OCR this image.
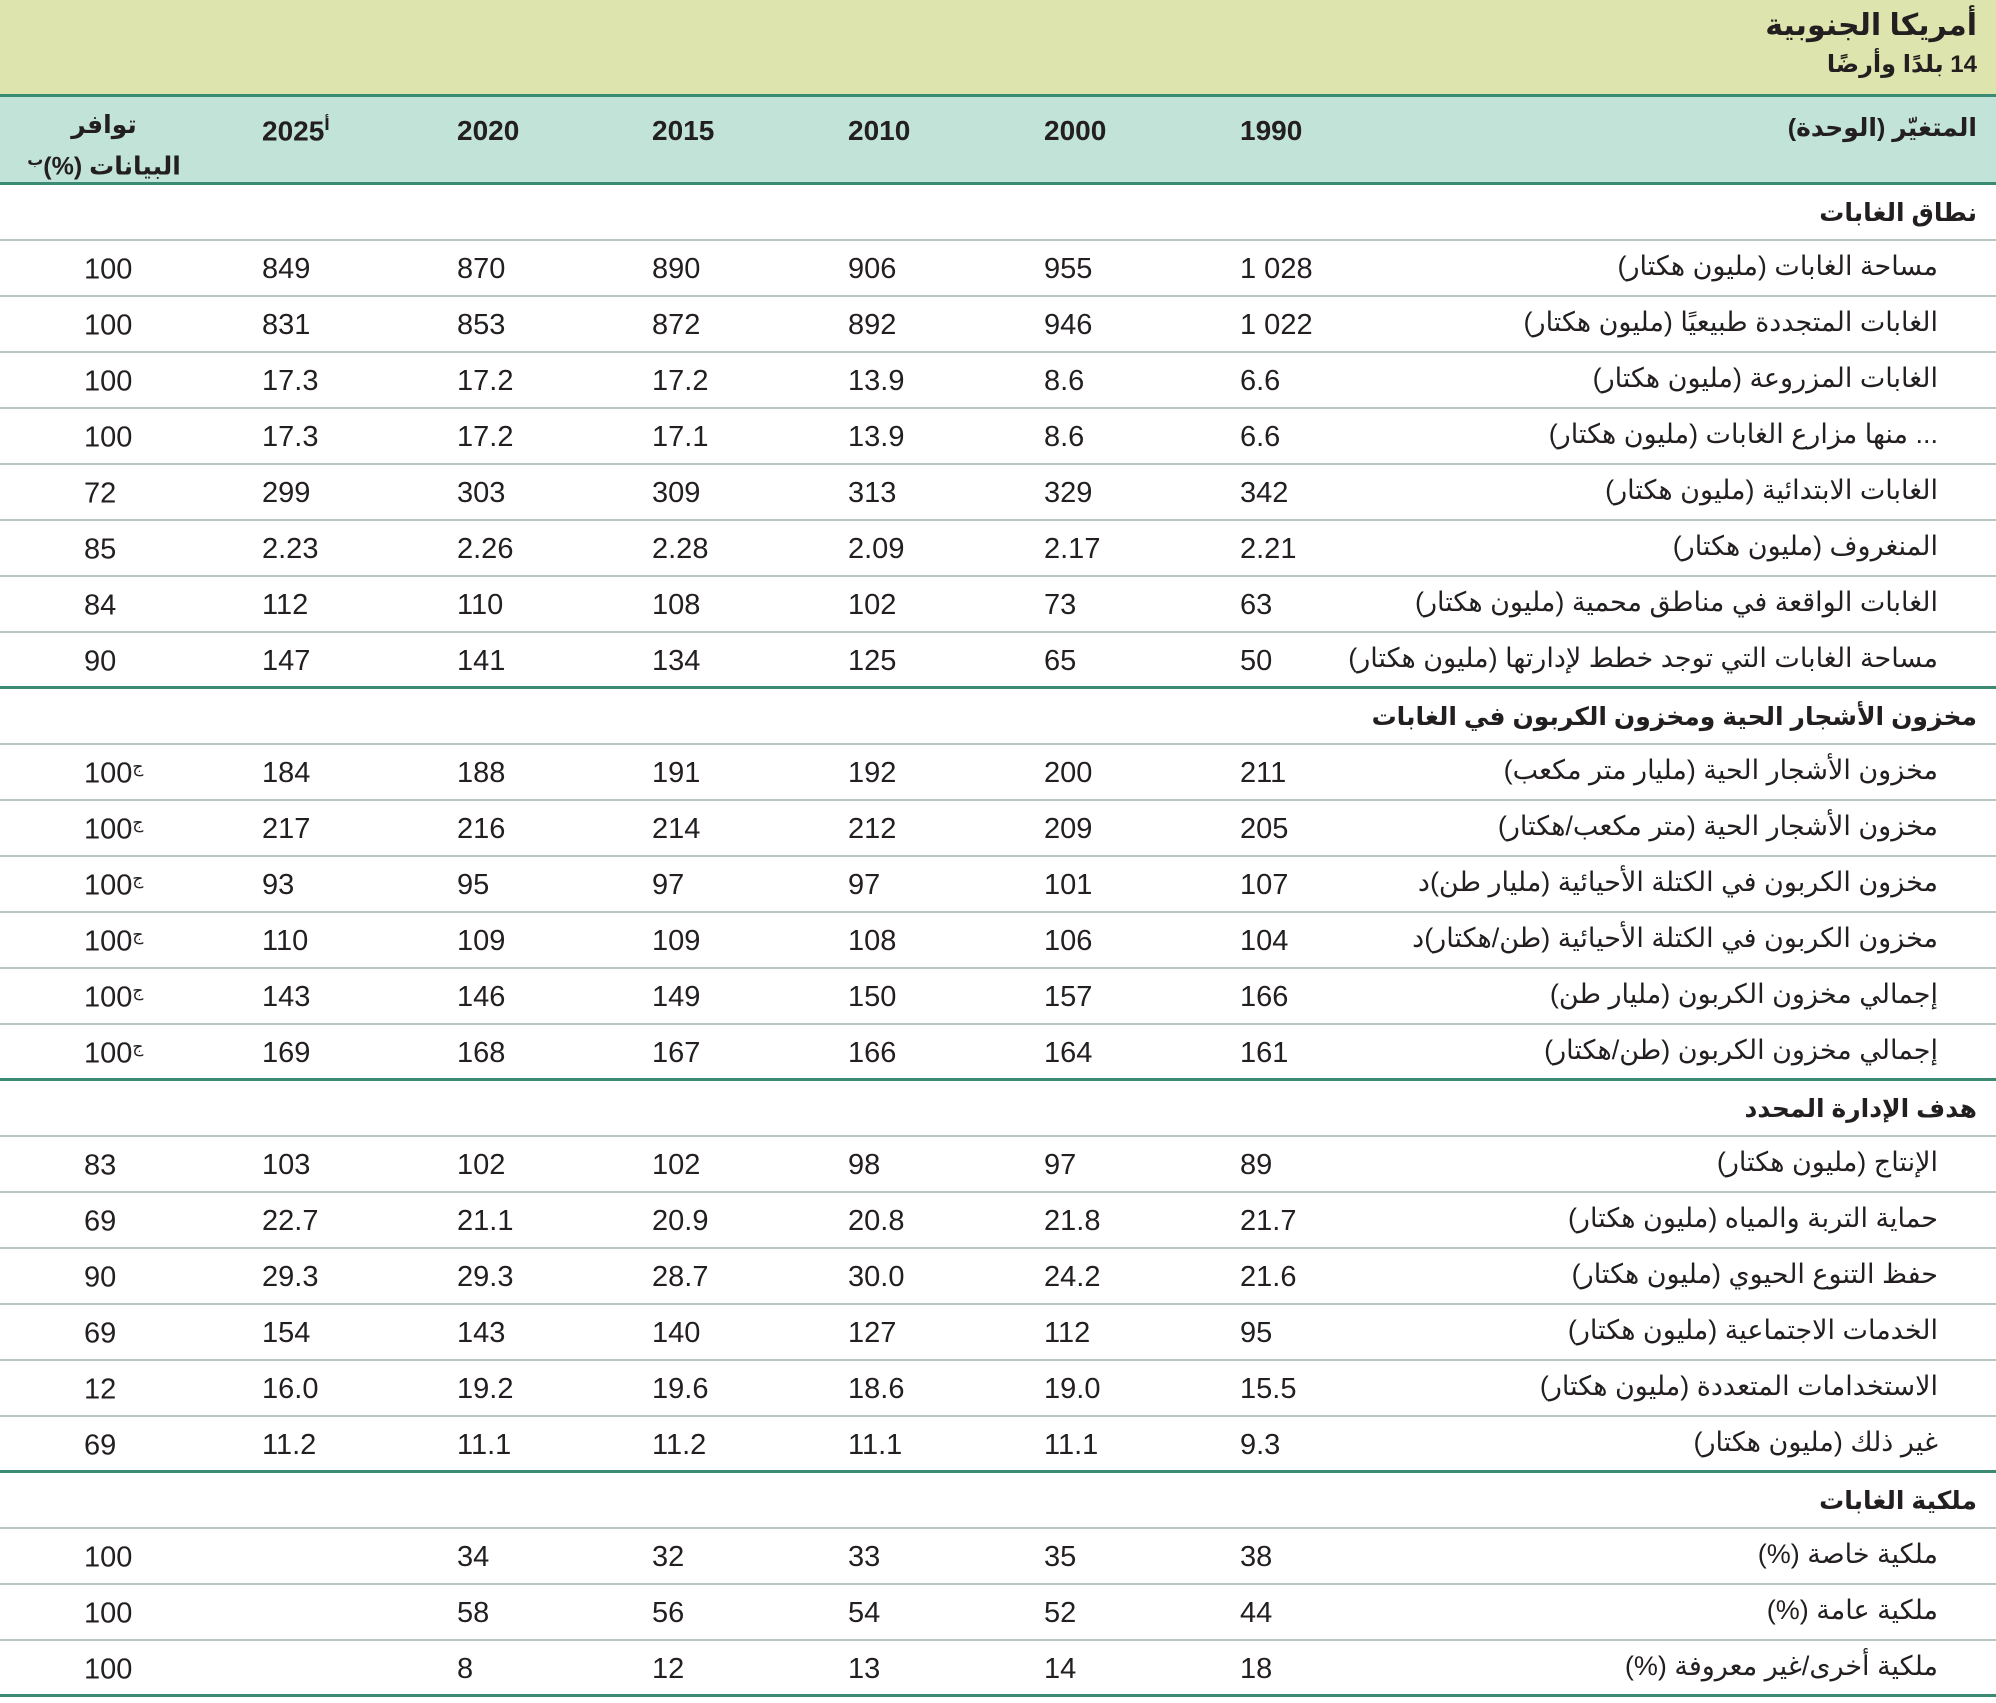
أمريكا الجنوبية
14 بلدًا وأرضًا
المتغيّر (الوحدة)
1990
2000
2010
2015
2020
$2025^أ$
توافر البيانات (%)$^ب$
نطاق الغابات
مساحة الغابات (مليون هكتار)
1 028
955
906
890
870
849
100
الغابات المتجددة طبيعيًا (مليون هكتار)
1 022
946
892
872
853
831
100
الغابات المزروعة (مليون هكتار)
6.6
8.6
13.9
17.2
17.2
17.3
100
... منها مزارع الغابات (مليون هكتار)
6.6
8.6
13.9
17.1
17.2
17.3
100
الغابات الابتدائية (مليون هكتار)
342
329
313
309
303
299
72
المنغروف (مليون هكتار)
2.21
2.17
2.09
2.28
2.26
2.23
85
الغابات الواقعة في مناطق محمية (مليون هكتار)
63
73
102
108
110
112
84
مساحة الغابات التي توجد خطط لإدارتها (مليون هكتار)
50
65
125
134
141
147
90
مخزون الأشجار الحية ومخزون الكربون في الغابات
مخزون الأشجار الحية (مليار متر مكعب)
211
200
192
191
188
184
100$^ج$
مخزون الأشجار الحية (متر مكعب/هكتار)
205
209
212
214
216
217
100$^ج$
مخزون الكربون في الكتلة الأحيائية (مليار طن)د
107
101
97
97
95
93
100$^ج$
مخزون الكربون في الكتلة الأحيائية (طن/هكتار)د
104
106
108
109
109
110
100$^ج$
إجمالي مخزون الكربون (مليار طن)
166
157
150
149
146
143
100$^ج$
إجمالي مخزون الكربون (طن/هكتار)
161
164
166
167
168
169
100$^ج$
هدف الإدارة المحدد
الإنتاج (مليون هكتار)
89
97
98
102
102
103
83
حماية التربة والمياه (مليون هكتار)
21.7
21.8
20.8
20.9
21.1
22.7
69
حفظ التنوع الحيوي (مليون هكتار)
21.6
24.2
30.0
28.7
29.3
29.3
90
الخدمات الاجتماعية (مليون هكتار)
95
112
127
140
143
154
69
الاستخدامات المتعددة (مليون هكتار)
15.5
19.0
18.6
19.6
19.2
16.0
12
غير ذلك (مليون هكتار)
9.3
11.1
11.1
11.2
11.1
11.2
69
ملكية الغابات
ملكية خاصة (%)
38
35
33
32
34
100
ملكية عامة (%)
44
52
54
56
58
100
ملكية أخرى/غير معروفة (%)
18
14
13
12
8
100
